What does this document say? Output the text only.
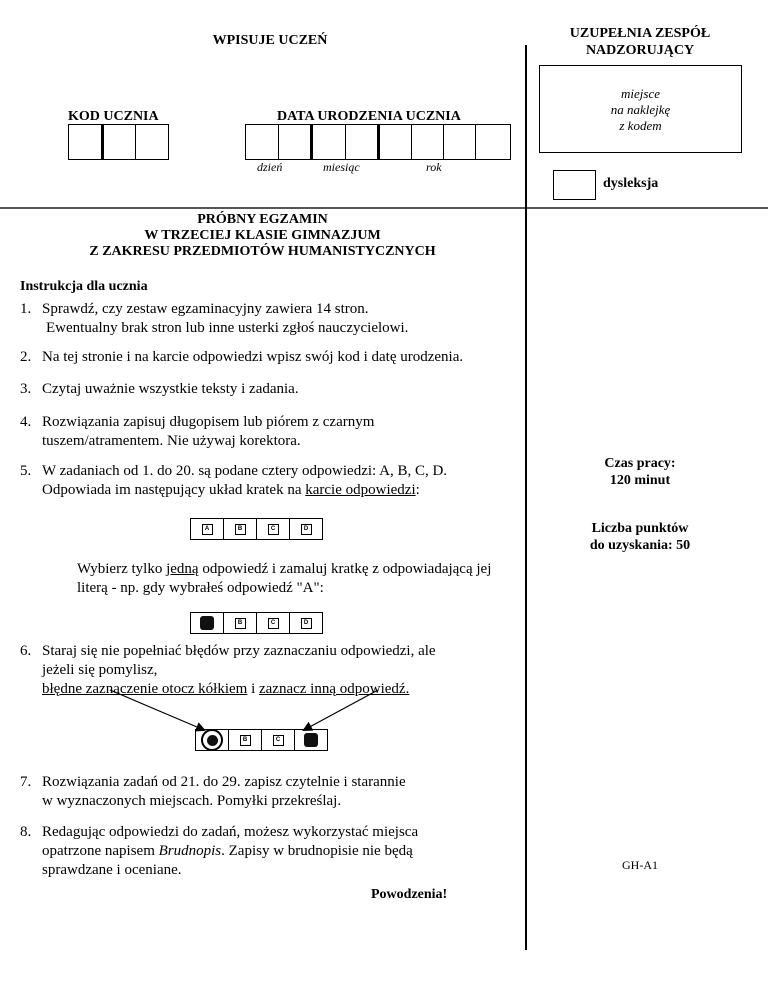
WPISUJE UCZEŃ	UZUPEŁNIA ZESPÓŁ NADZORUJĄCY
KOD UCZNIA	DATA URODZENIA UCZNIA
dzień	miesiąc	rok
miejsce
na naklejkę
z kodem
dysleksja
PRÓBNY EGZAMIN
W TRZECIEJ KLASIE GIMNAZJUM
Z ZAKRESU PRZEDMIOTÓW HUMANISTYCZNYCH
Instrukcja dla ucznia
1. Sprawdź, czy zestaw egzaminacyjny zawiera 14 stron.
Ewentualny brak stron lub inne usterki zgłoś nauczycielowi.
2. Na tej stronie i na karcie odpowiedzi wpisz swój kod i datę urodzenia.
3. Czytaj uważnie wszystkie teksty i zadania.
4. Rozwiązania zapisuj długopisem lub piórem z czarnym
tuszem/atramentem. Nie używaj korektora.
5. W zadaniach od 1. do 20. są podane cztery odpowiedzi: A, B, C, D.
Odpowiada im następujący układ kratek na karcie odpowiedzi:
A	B	C	D
Wybierz tylko jedną odpowiedź i zamaluj kratkę z odpowiadającą jej
literą - np. gdy wybrałeś odpowiedź "A":
B	C	D
6. Staraj się nie popełniać błędów przy zaznaczaniu odpowiedzi, ale
jeżeli się pomylisz,
błędne zaznaczenie otocz kółkiem i zaznacz inną odpowiedź.
B	C
7. Rozwiązania zadań od 21. do 29. zapisz czytelnie i starannie
w wyznaczonych miejscach. Pomyłki przekreślaj.
8. Redagując odpowiedzi do zadań, możesz wykorzystać miejsca
opatrzone napisem Brudnopis. Zapisy w brudnopisie nie będą
sprawdzane i oceniane.
Powodzenia!
Czas pracy:
120 minut
Liczba punktów
do uzyskania: 50
GH-A1
